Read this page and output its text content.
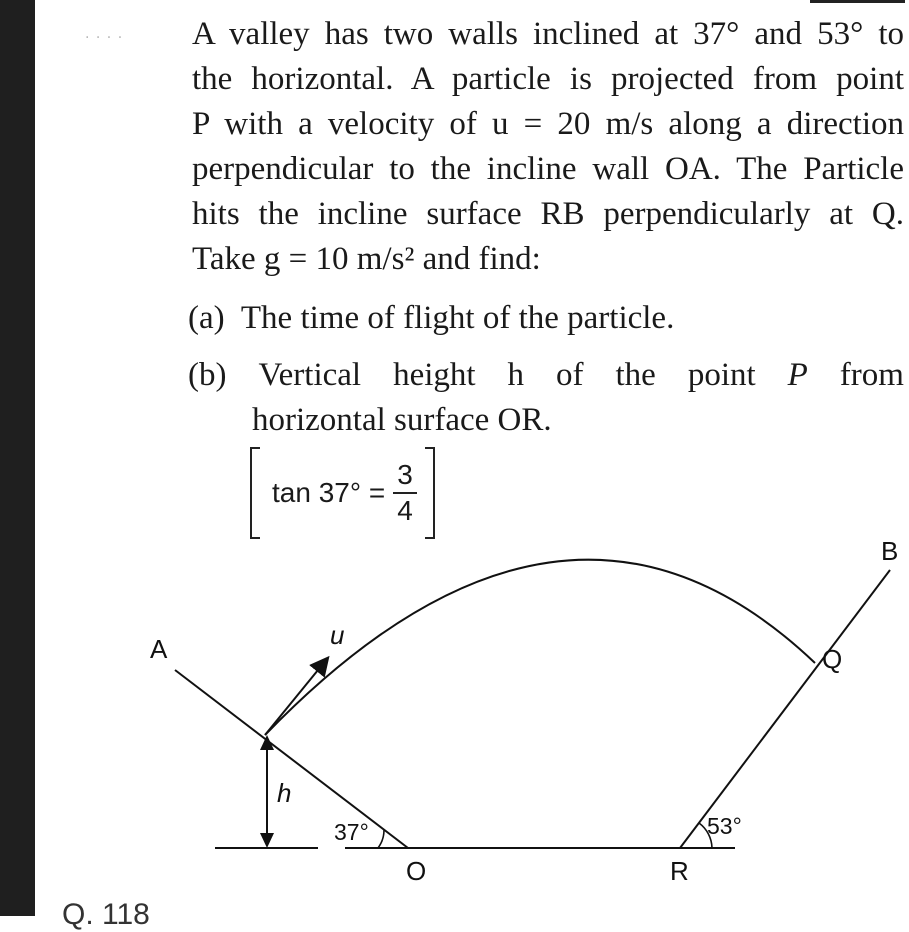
· · · · A valley has two walls inclined at 37° and 53° to
the horizontal. A particle is projected from point
P with a velocity of u = 20 m/s along a direction
perpendicular to the incline wall OA. The Particle
hits the incline surface RB perpendicularly at Q.
Take g = 10 m/s² and find:
(a) The time of flight of the particle.
(b) Vertical height h of the point P from
horizontal surface OR.
$\tan 37^\circ = \frac{3}{4}$
A
B
O	R
Q
u
h
37°	53°
Q. 118
